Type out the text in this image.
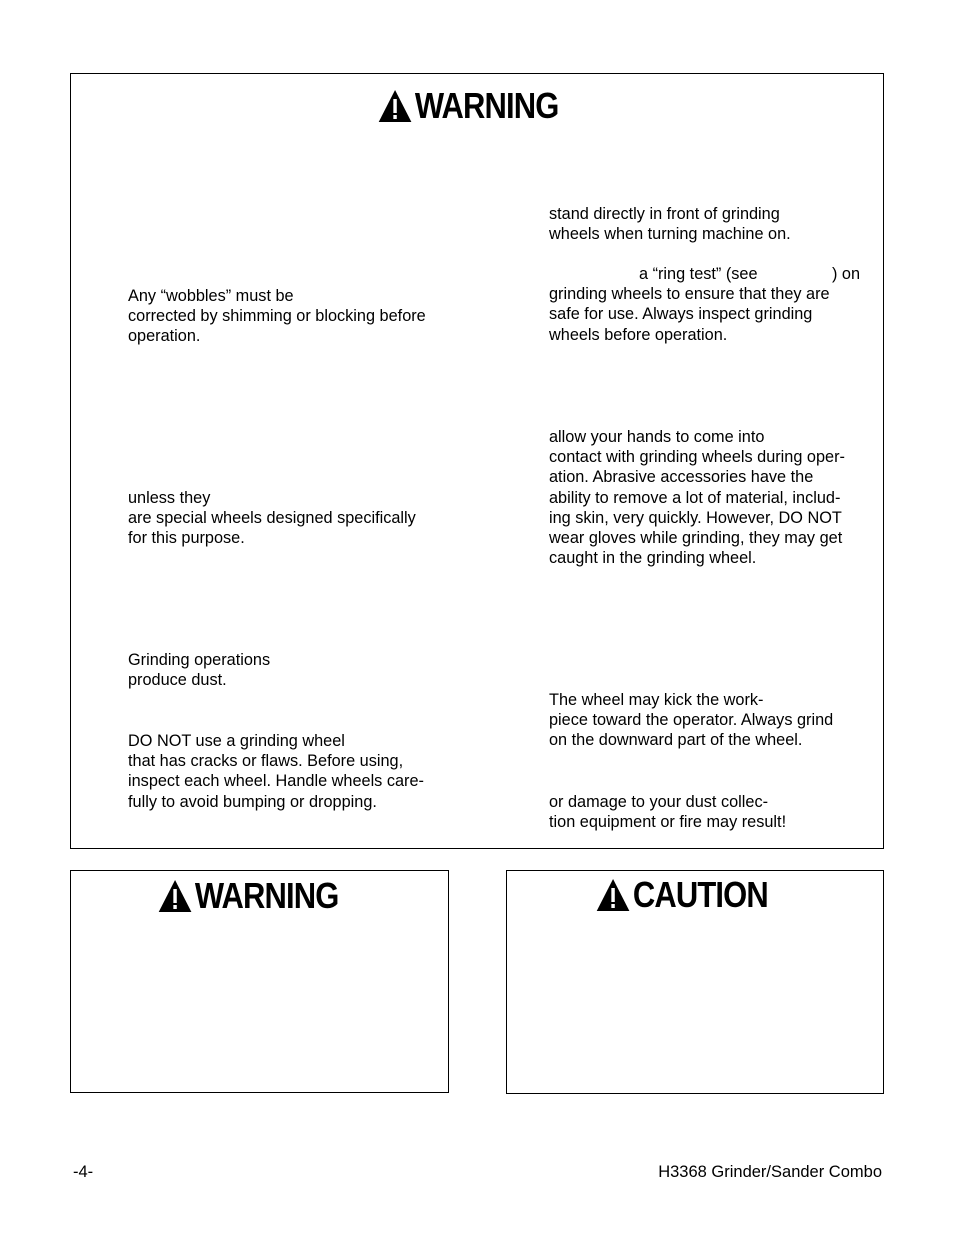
WARNING
Any “wobbles” must be
corrected by shimming or blocking before
operation.
unless they
are special wheels designed specifically
for this purpose.
Grinding operations
produce dust.
DO NOT use a grinding wheel
that has cracks or flaws. Before using,
inspect each wheel. Handle wheels care-
fully to avoid bumping or dropping.
stand directly in front of grinding
wheels when turning machine on.
a “ring test” (see	) on
grinding wheels to ensure that they are
safe for use. Always inspect grinding
wheels before operation.
allow your hands to come into
contact with grinding wheels during oper-
ation. Abrasive accessories have the
ability to remove a lot of material, includ-
ing skin, very quickly. However, DO NOT
wear gloves while grinding, they may get
caught in the grinding wheel.
The wheel may kick the work-
piece toward the operator. Always grind
on the downward part of the wheel.
or damage to your dust collec-
tion equipment or fire may result!
WARNING	CAUTION
-4-	H3368 Grinder/Sander Combo
